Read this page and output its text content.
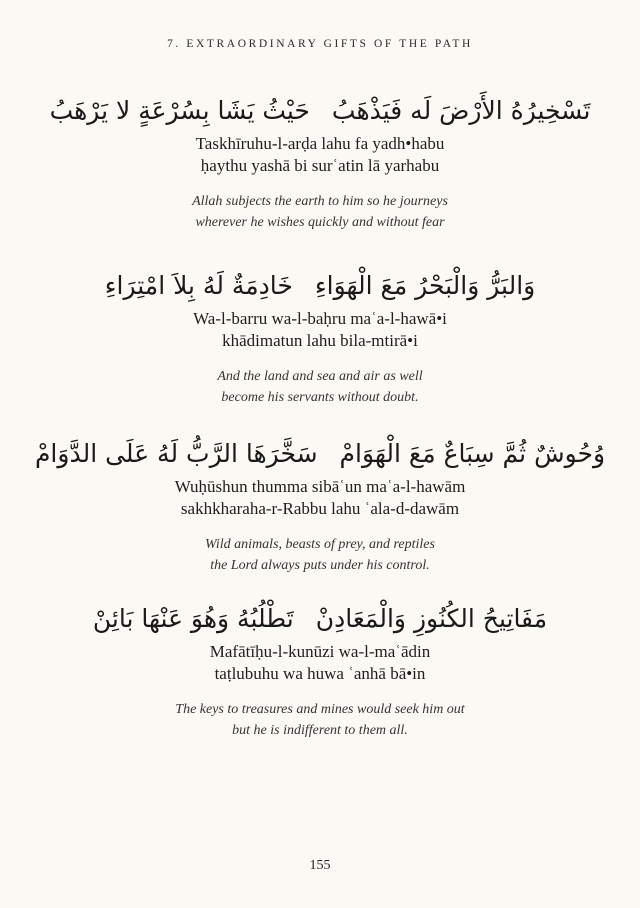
7. EXTRAORDINARY GIFTS OF THE PATH
تَسْخِيرُهُ الأَرْضَ لَه فَيَذْهَبُحَيْثُ يَشَا بِسُرْعَةٍ لا يَرْهَبُ
Taskhīruhu-l-arḍa lahu fa yadh•habu
ḥaythu yashā bi surʿatin lā yarhabu
Allah subjects the earth to him so he journeys
wherever he wishes quickly and without fear
وَالبَرُّ وَالْبَحْرُ مَعَ الْهَوَاءِخَادِمَةٌ لَهُ بِلاَ امْتِرَاءِ
Wa-l-barru wa-l-baḥru maʿa-l-hawā•i
khādimatun lahu bila-mtirā•i
And the land and sea and air as well
become his servants without doubt.
وُحُوشٌ ثُمَّ سِبَاعٌ مَعَ الْهَوَامْسَخَّرَهَا الرَّبُّ لَهُ عَلَى الدَّوَامْ
Wuḥūshun thumma sibāʿun maʿa-l-hawām
sakhkharaha-r-Rabbu lahu ʿala-d-dawām
Wild animals, beasts of prey, and reptiles
the Lord always puts under his control.
مَفَاتِيحُ الكُنُوزِ وَالْمَعَادِنْتَطْلُبُهُ وَهُوَ عَنْهَا بَائِنْ
Mafātīḥu-l-kunūzi wa-l-maʿādin
taṭlubuhu wa huwa ʿanhā bā•in
The keys to treasures and mines would seek him out
but he is indifferent to them all.
155
